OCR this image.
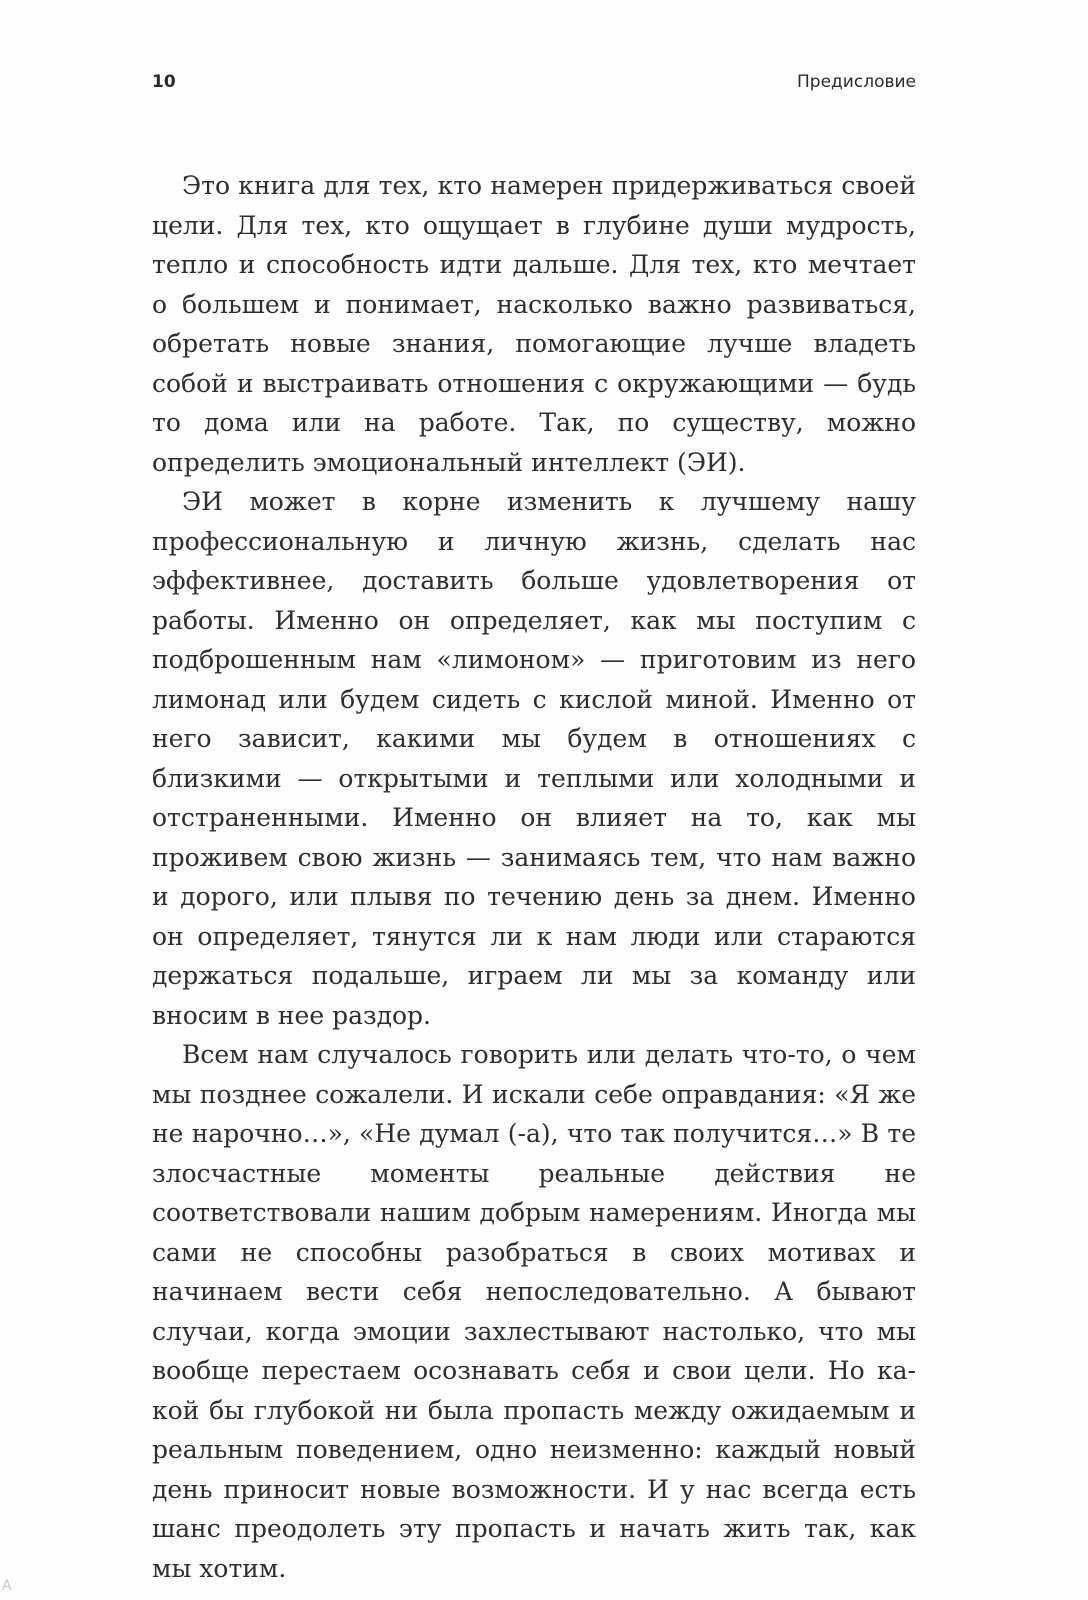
10	Предисловие

Это книга для тех, кто намерен придерживаться своей цели. Для тех, кто ощущает в глубине души мудрость, тепло и способность идти дальше. Для тех, кто мечтает о большем и понимает, насколько важно развиваться, обретать новые знания, помогающие лучше владеть собой и выстраивать отношения с окружающими — будь то дома или на работе. Так, по существу, можно определить эмоциональный интеллект (ЭИ).

ЭИ может в корне изменить к лучшему нашу профессиональную и личную жизнь, сделать нас эффективнее, доставить больше удовлетворения от работы. Именно он определяет, как мы поступим с подброшенным нам «лимоном» — приготовим из него лимонад или будем сидеть с кислой миной. Именно от него зависит, какими мы будем в отношениях с близкими — открытыми и теплыми или холодными и отстраненными. Именно он влияет на то, как мы проживем свою жизнь — занимаясь тем, что нам важно и дорого, или плывя по течению день за днем. Именно он определяет, тянутся ли к нам люди или стараются держаться подальше, играем ли мы за команду или вносим в нее раздор.

Всем нам случалось говорить или делать что-то, о чем мы позднее сожалели. И искали себе оправдания: «Я же не нарочно…», «Не думал (-а), что так получится…» В те злосчастные моменты реальные действия не соответствовали нашим добрым намерениям. Иногда мы сами не способны разобраться в своих мотивах и начинаем вести себя непоследовательно. А бывают случаи, когда эмоции захлестывают настолько, что мы вообще перестаем осознавать себя и свои цели. Но какой бы глубокой ни была пропасть между ожидаемым и реальным поведением, одно неизменно: каждый новый день приносит новые возможности. И у нас всегда есть шанс преодолеть эту пропасть и начать жить так, как мы хотим.

А
